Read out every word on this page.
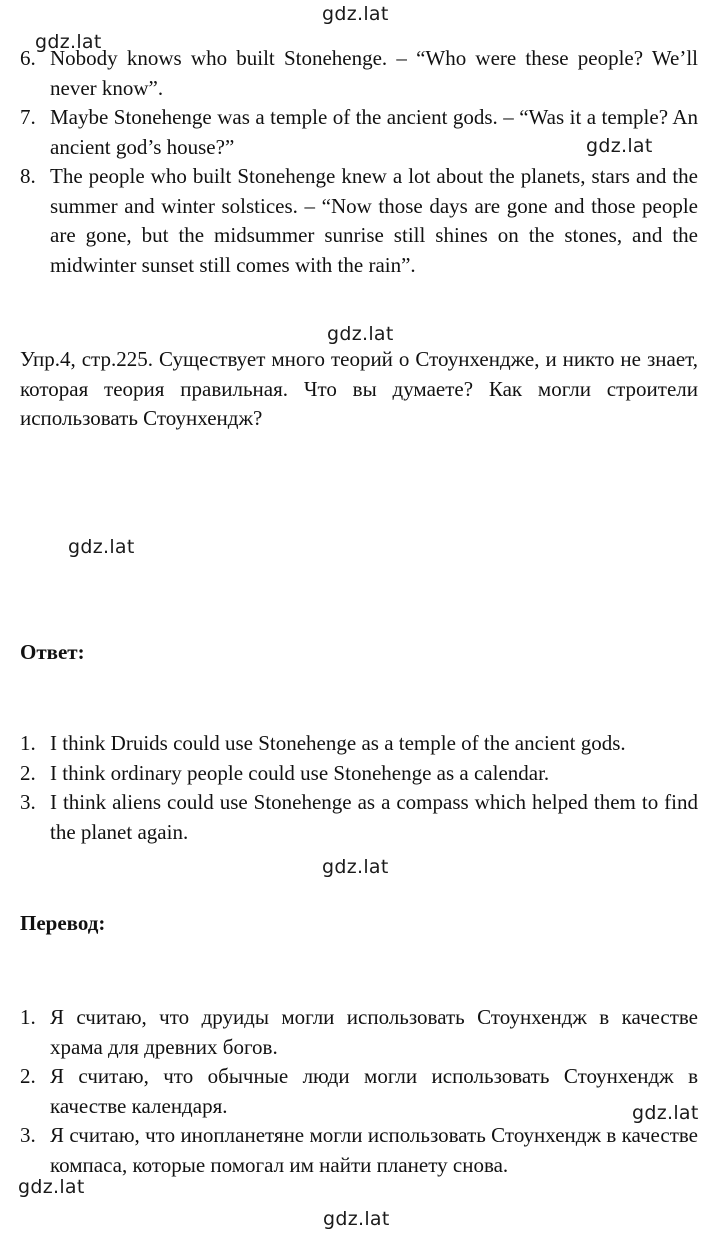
gdz.lat
gdz.lat
gdz.lat
gdz.lat
gdz.lat
gdz.lat
gdz.lat
gdz.lat
gdz.lat
6. Nobody knows who built Stonehenge. – “Who were these people? We’ll never know”.
7. Maybe Stonehenge was a temple of the ancient gods. – “Was it a temple? An ancient god’s house?”
8. The people who built Stonehenge knew a lot about the planets, stars and the summer and winter solstices. – “Now those days are gone and those people are gone, but the midsummer sunrise still shines on the stones, and the midwinter sunset still comes with the rain”.

Упр.4, стр.225. Существует много теорий о Стоунхендже, и никто не знает, которая теория правильная. Что вы думаете? Как могли строители использовать Стоунхендж?

Ответ:

1. I think Druids could use Stonehenge as a temple of the ancient gods.
2. I think ordinary people could use Stonehenge as a calendar.
3. I think aliens could use Stonehenge as a compass which helped them to find the planet again.

Перевод:

1. Я считаю, что друиды могли использовать Стоунхендж в качестве храма для древних богов.
2. Я считаю, что обычные люди могли использовать Стоунхендж в качестве календаря.
3. Я считаю, что инопланетяне могли использовать Стоунхендж в качестве компаса, которые помогал им найти планету снова.
